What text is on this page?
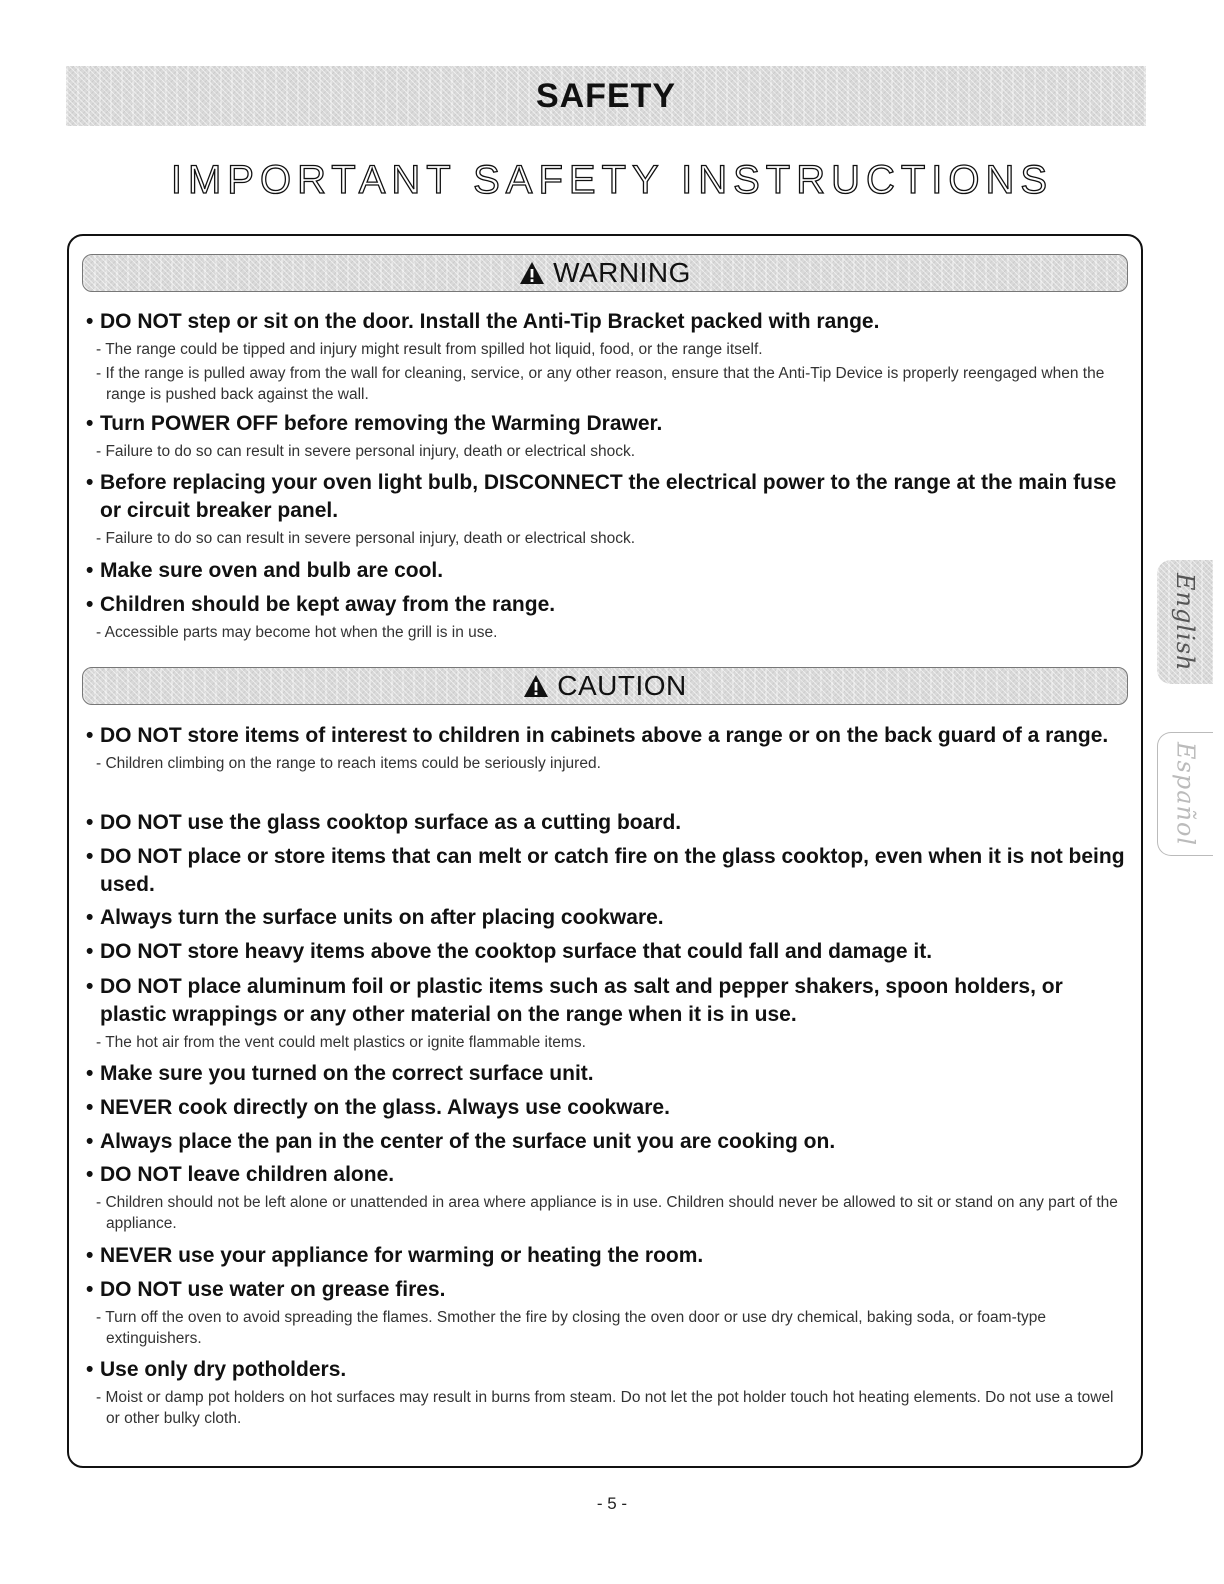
SAFETY
IMPORTANT SAFETY INSTRUCTIONS
WARNING
• DO NOT step or sit on the door. Install the Anti-Tip Bracket packed with range.
- The range could be tipped and injury might result from spilled hot liquid, food, or the range itself.
- If the range is pulled away from the wall for cleaning, service, or any other reason, ensure that the Anti-Tip Device is properly reengaged when the range is pushed back against the wall.
• Turn POWER OFF before removing the Warming Drawer.
- Failure to do so can result in severe personal injury, death or electrical shock.
• Before replacing your oven light bulb, DISCONNECT the electrical power to the range at the main fuse or circuit breaker panel.
- Failure to do so can result in severe personal injury, death or electrical shock.
• Make sure oven and bulb are cool.
• Children should be kept away from the range.
- Accessible parts may become hot when the grill is in use.
CAUTION
• DO NOT store items of interest to children in cabinets above a range or on the back guard of a range.
- Children climbing on the range to reach items could be seriously injured.
• DO NOT use the glass cooktop surface as a cutting board.
• DO NOT place or store items that can melt or catch fire on the glass cooktop, even when it is not being used.
• Always turn the surface units on after placing cookware.
• DO NOT store heavy items above the cooktop surface that could fall and damage it.
• DO NOT place aluminum foil or plastic items such as salt and pepper shakers, spoon holders, or plastic wrappings or any other material on the range when it is in use.
- The hot air from the vent could melt plastics or ignite flammable items.
• Make sure you turned on the correct surface unit.
• NEVER cook directly on the glass. Always use cookware.
• Always place the pan in the center of the surface unit you are cooking on.
• DO NOT leave children alone.
- Children should not be left alone or unattended in area where appliance is in use. Children should never be allowed to sit or stand on any part of the appliance.
• NEVER use your appliance for warming or heating the room.
• DO NOT use water on grease fires.
- Turn off the oven to avoid spreading the flames. Smother the fire by closing the oven door or use dry chemical, baking soda, or foam-type extinguishers.
• Use only dry potholders.
- Moist or damp pot holders on hot surfaces may result in burns from steam. Do not let the pot holder touch hot heating elements. Do not use a towel or other bulky cloth.
English
Español
- 5 -
